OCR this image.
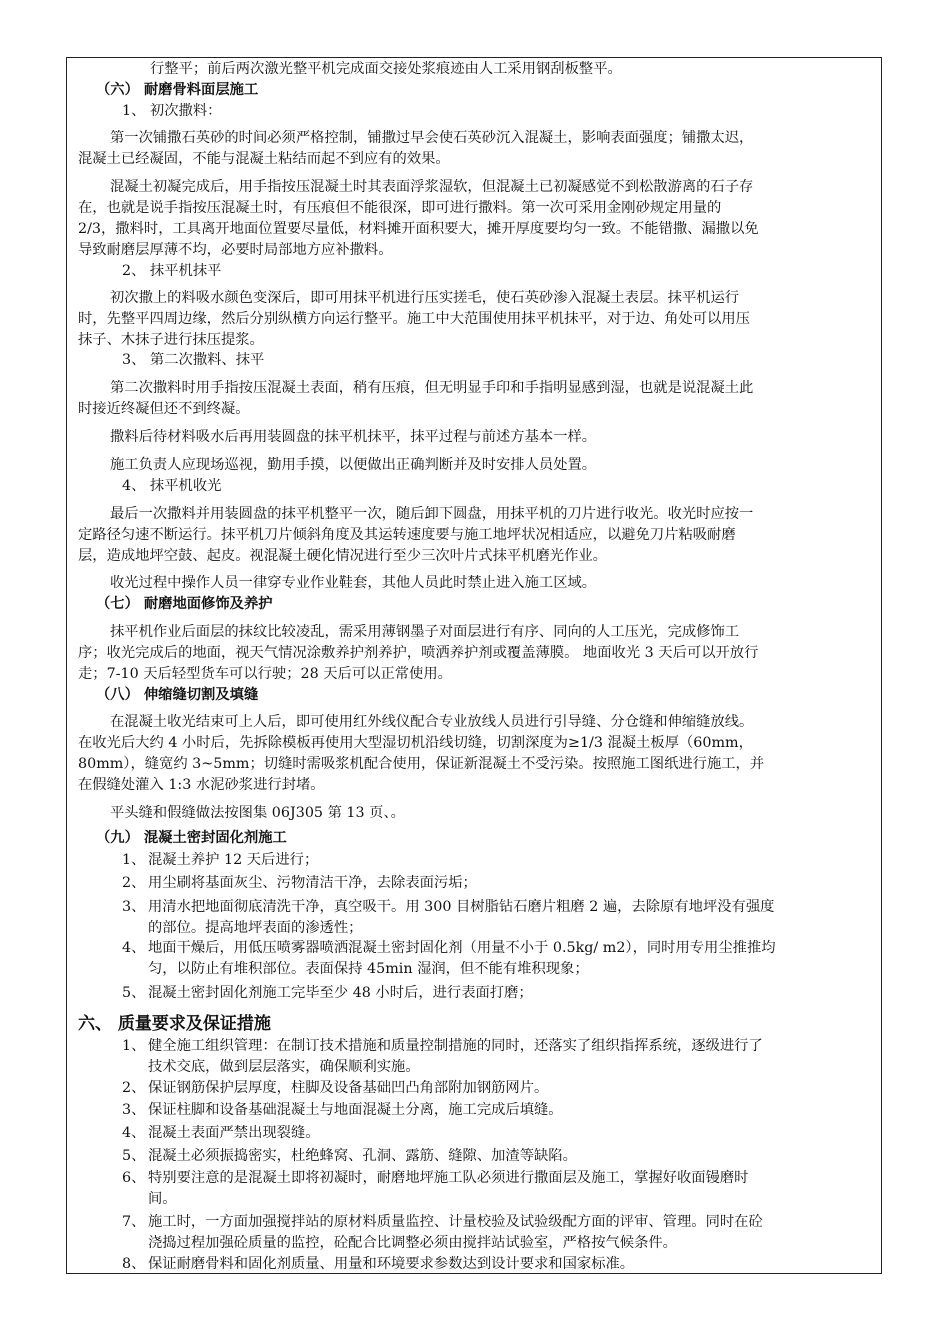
行整平；前后两次激光整平机完成面交接处浆痕迹由人工采用钢刮板整平。
（六） 耐磨骨料面层施工
1、 初次撒料：
第一次铺撒石英砂的时间必须严格控制，铺撒过早会使石英砂沉入混凝土，影响表面强度；铺撒太迟，
混凝土已经凝固，不能与混凝土粘结而起不到应有的效果。
混凝土初凝完成后，用手指按压混凝土时其表面浮浆湿软，但混凝土已初凝感觉不到松散游离的石子存
在，也就是说手指按压混凝土时，有压痕但不能很深，即可进行撒料。第一次可采用金刚砂规定用量的
2/3，撒料时，工具离开地面位置要尽量低，材料摊开面积要大，摊开厚度要均匀一致。不能错撒、漏撒以免
导致耐磨层厚薄不均，必要时局部地方应补撒料。
2、 抹平机抹平
初次撒上的料吸水颜色变深后，即可用抹平机进行压实搓毛，使石英砂渗入混凝土表层。抹平机运行
时，先整平四周边缘，然后分别纵横方向运行整平。施工中大范围使用抹平机抹平，对于边、角处可以用压
抹子、木抹子进行抹压提浆。
3、 第二次撒料、抹平
第二次撒料时用手指按压混凝土表面，稍有压痕，但无明显手印和手指明显感到湿，也就是说混凝土此
时接近终凝但还不到终凝。
撒料后待材料吸水后再用装圆盘的抹平机抹平，抹平过程与前述方基本一样。
施工负责人应现场巡视，勤用手摸，以便做出正确判断并及时安排人员处置。
4、 抹平机收光
最后一次撒料并用装圆盘的抹平机整平一次，随后卸下圆盘，用抹平机的刀片进行收光。收光时应按一
定路径匀速不断运行。抹平机刀片倾斜角度及其运转速度要与施工地坪状况相适应，以避免刀片粘吸耐磨
层，造成地坪空鼓、起皮。视混凝土硬化情况进行至少三次叶片式抹平机磨光作业。
收光过程中操作人员一律穿专业作业鞋套，其他人员此时禁止进入施工区域。
（七） 耐磨地面修饰及养护
抹平机作业后面层的抹纹比较凌乱，需采用薄钢墨子对面层进行有序、同向的人工压光，完成修饰工
序；收光完成后的地面，视天气情况涂敷养护剂养护，喷洒养护剂或覆盖薄膜。 地面收光 3 天后可以开放行
走；7-10 天后轻型货车可以行驶；28 天后可以正常使用。
（八） 伸缩缝切割及填缝
在混凝土收光结束可上人后，即可使用红外线仪配合专业放线人员进行引导缝、分仓缝和伸缩缝放线。
在收光后大约 4 小时后，先拆除模板再使用大型湿切机沿线切缝，切割深度为≥1/3 混凝土板厚（60mm，
80mm），缝宽约 3~5mm；切缝时需吸浆机配合使用，保证新混凝土不受污染。按照施工图纸进行施工，并
在假缝处灌入 1:3 水泥砂浆进行封堵。
平头缝和假缝做法按图集 06J305 第 13 页、。
（九） 混凝土密封固化剂施工
1、 混凝土养护 12 天后进行；
2、 用尘刷将基面灰尘、污物清洁干净，去除表面污垢；
3、 用清水把地面彻底清洗干净，真空吸干。用 300 目树脂钻石磨片粗磨 2 遍，去除原有地坪没有强度
的部位。提高地坪表面的渗透性；
4、 地面干燥后，用低压喷雾器喷洒混凝土密封固化剂（用量不小于 0.5kg/ m2），同时用专用尘推推均
匀，以防止有堆积部位。表面保持 45min 湿润，但不能有堆积现象；
5、 混凝土密封固化剂施工完毕至少 48 小时后，进行表面打磨；
六、 质量要求及保证措施
1、 健全施工组织管理：在制订技术措施和质量控制措施的同时，还落实了组织指挥系统，逐级进行了
技术交底，做到层层落实，确保顺利实施。
2、 保证钢筋保护层厚度，柱脚及设备基础凹凸角部附加钢筋网片。
3、 保证柱脚和设备基础混凝土与地面混凝土分离，施工完成后填缝。
4、 混凝土表面严禁出现裂缝。
5、 混凝土必须振捣密实，杜绝蜂窝、孔洞、露筋、缝隙、加渣等缺陷。
6、 特别要注意的是混凝土即将初凝时，耐磨地坪施工队必须进行撒面层及施工，掌握好收面镘磨时
间。
7、 施工时，一方面加强搅拌站的原材料质量监控、计量校验及试验级配方面的评审、管理。同时在砼
浇捣过程加强砼质量的监控，砼配合比调整必须由搅拌站试验室，严格按气候条件。
8、 保证耐磨骨料和固化剂质量、用量和环境要求参数达到设计要求和国家标准。
